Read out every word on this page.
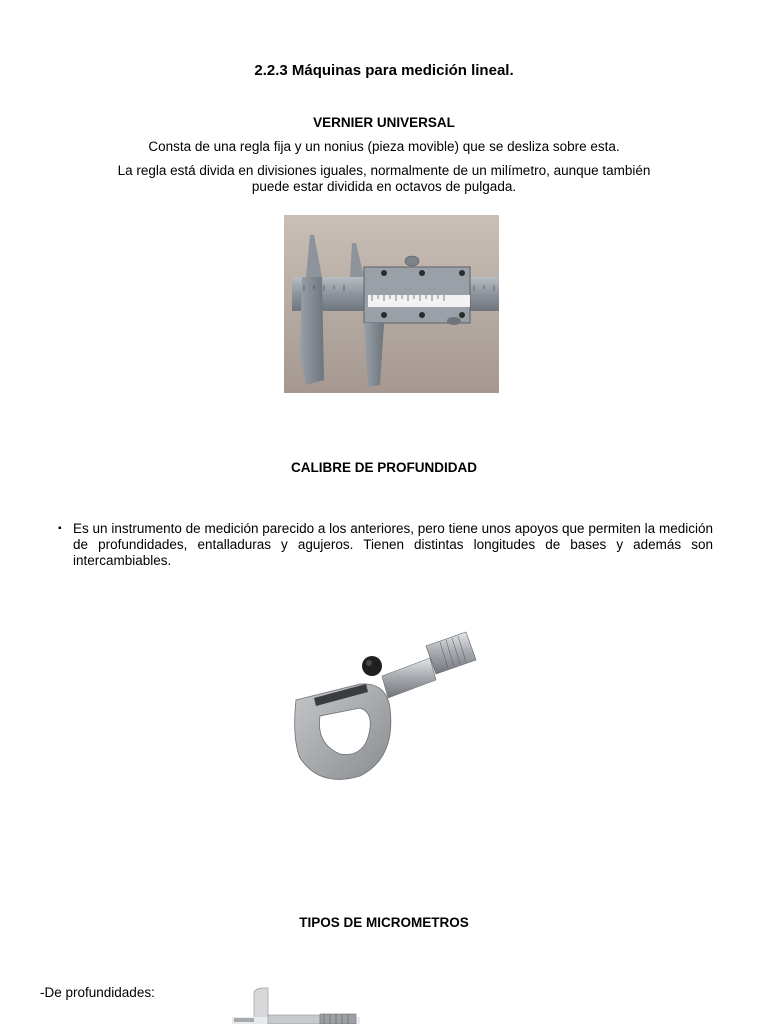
2.2.3 Máquinas para medición lineal.
VERNIER UNIVERSAL
Consta de una regla fija y un nonius (pieza movible) que se desliza sobre esta.
La regla está divida en divisiones iguales, normalmente de un milímetro, aunque también
puede estar dividida en octavos de pulgada.
CALIBRE DE PROFUNDIDAD
▪ Es un instrumento de medición parecido a los anteriores, pero tiene unos apoyos que permiten la medición de profundidades, entalladuras y agujeros. Tienen distintas longitudes de bases y además son intercambiables.
TIPOS DE MICROMETROS
-De profundidades:
